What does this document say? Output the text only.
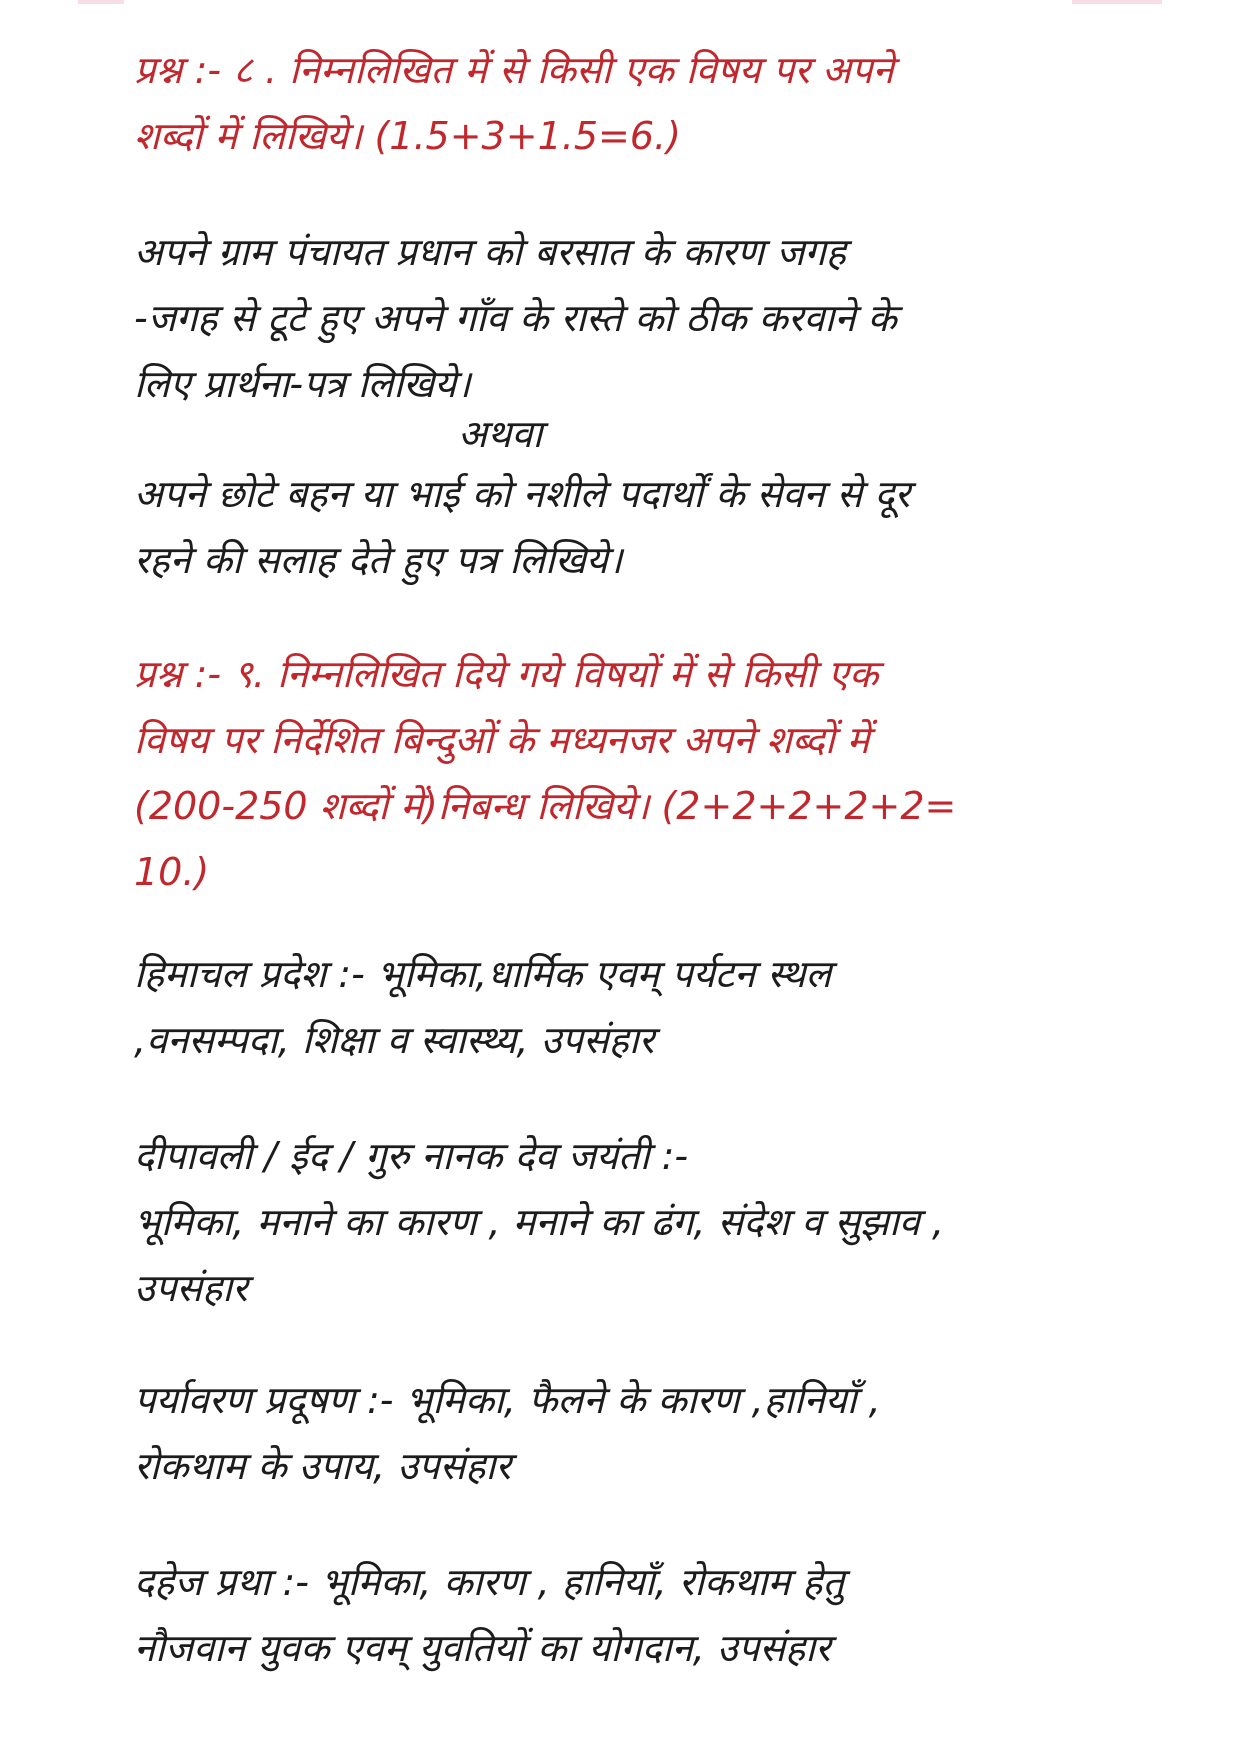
प्रश्न :- ८ . निम्नलिखित में से किसी एक विषय पर अपने

शब्दों में लिखिये। (1.5+3+1.5=6.)

अपने ग्राम पंचायत प्रधान को बरसात के कारण जगह

-जगह से टूटे हुए अपने गाँव के रास्ते को ठीक करवाने के

लिए प्रार्थना-पत्र लिखिये।

अथवा

अपने छोटे बहन या भाई को नशीले पदार्थों के सेवन से दूर

रहने की सलाह देते हुए पत्र लिखिये।

प्रश्न :- ९. निम्नलिखित दिये गये विषयों में से किसी एक

विषय पर निर्देशित बिन्दुओं के मध्यनजर अपने शब्दों में

(200-250 शब्दों में)निबन्ध लिखिये। (2+2+2+2+2=

10.)

हिमाचल प्रदेश :- भूमिका,धार्मिक एवम् पर्यटन स्थल

,वनसम्पदा, शिक्षा व स्वास्थ्य, उपसंहार

दीपावली / ईद / गुरु नानक देव जयंती :-

भूमिका, मनाने का कारण , मनाने का ढंग, संदेश व सुझाव ,

उपसंहार

पर्यावरण प्रदूषण :- भूमिका, फैलने के कारण ,हानियाँ ,

रोकथाम के उपाय, उपसंहार

दहेज प्रथा :- भूमिका, कारण , हानियाँ, रोकथाम हेतु

नौजवान युवक एवम् युवतियों का योगदान, उपसंहार
